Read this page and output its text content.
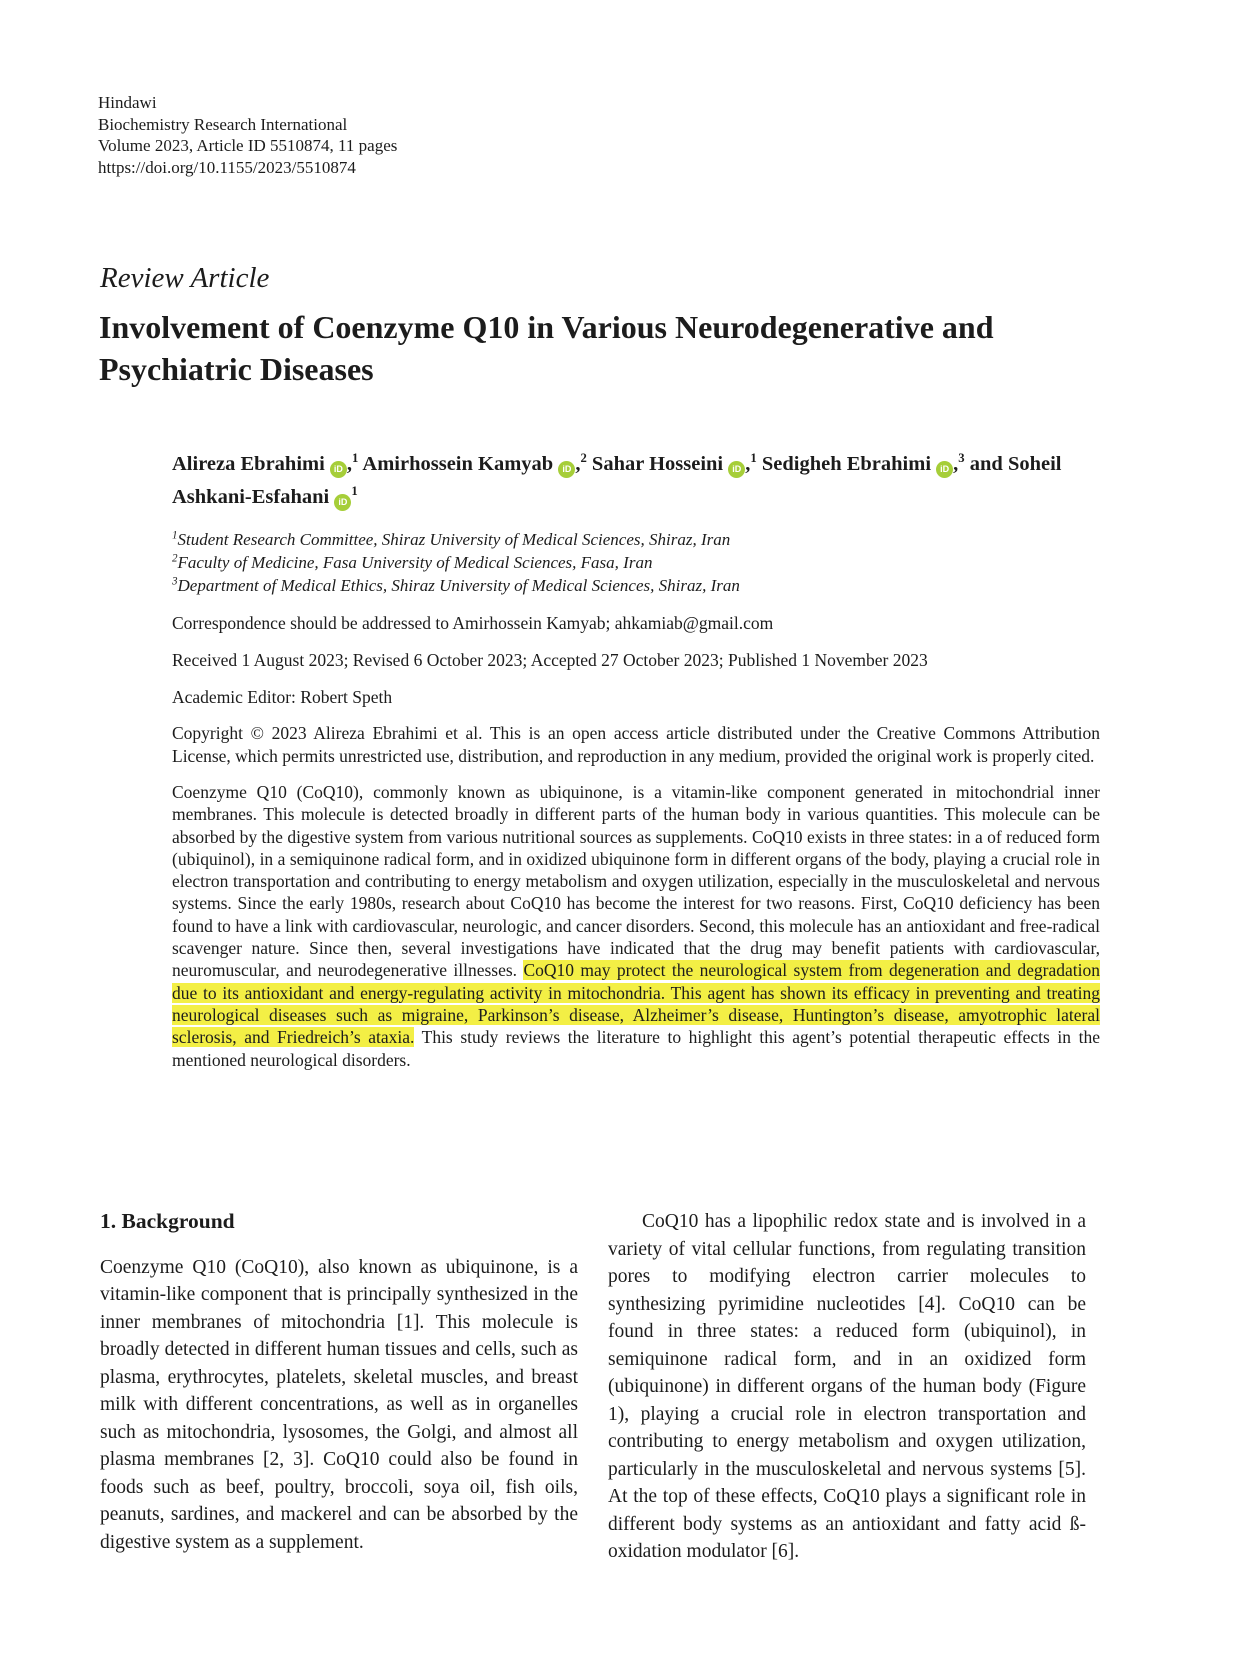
Hindawi
Biochemistry Research International
Volume 2023, Article ID 5510874, 11 pages
https://doi.org/10.1155/2023/5510874
Review Article
Involvement of Coenzyme Q10 in Various Neurodegenerative and Psychiatric Diseases

Alireza Ebrahimi iD ,$^1$ Amirhossein Kamyab iD ,$^2$ Sahar Hosseini iD ,$^1$ Sedigheh Ebrahimi iD ,$^3$ and Soheil Ashkani-Esfahani $iD^1$

$^1$Student Research Committee, Shiraz University of Medical Sciences, Shiraz, Iran
$^2$Faculty of Medicine, Fasa University of Medical Sciences, Fasa, Iran
$^3$Department of Medical Ethics, Shiraz University of Medical Sciences, Shiraz, Iran

Correspondence should be addressed to Amirhossein Kamyab; ahkamiab@gmail.com

Received 1 August 2023; Revised 6 October 2023; Accepted 27 October 2023; Published 1 November 2023

Academic Editor: Robert Speth

Copyright © 2023 Alireza Ebrahimi et al. This is an open access article distributed under the Creative Commons Attribution License, which permits unrestricted use, distribution, and reproduction in any medium, provided the original work is properly cited.

Coenzyme Q10 (CoQ10), commonly known as ubiquinone, is a vitamin-like component generated in mitochondrial inner membranes. This molecule is detected broadly in different parts of the human body in various quantities. This molecule can be absorbed by the digestive system from various nutritional sources as supplements. CoQ10 exists in three states: in a of reduced form (ubiquinol), in a semiquinone radical form, and in oxidized ubiquinone form in different organs of the body, playing a crucial role in electron transportation and contributing to energy metabolism and oxygen utilization, especially in the musculoskeletal and nervous systems. Since the early 1980s, research about CoQ10 has become the interest for two reasons. First, CoQ10 deficiency has been found to have a link with cardiovascular, neurologic, and cancer disorders. Second, this molecule has an antioxidant and free-radical scavenger nature. Since then, several investigations have indicated that the drug may benefit patients with cardiovascular, neuromuscular, and neurodegenerative illnesses. CoQ10 may protect the neurological system from degeneration and degradation due to its antioxidant and energy-regulating activity in mitochondria. This agent has shown its efficacy in preventing and treating neurological diseases such as migraine, Parkinson’s disease, Alzheimer’s disease, Huntington’s disease, amyotrophic lateral sclerosis, and Friedreich’s ataxia. This study reviews the literature to highlight this agent’s potential therapeutic effects in the mentioned neurological disorders.

1. Background

Coenzyme Q10 (CoQ10), also known as ubiquinone, is a vitamin-like component that is principally synthesized in the inner membranes of mitochondria [1]. This molecule is broadly detected in different human tissues and cells, such as plasma, erythrocytes, platelets, skeletal muscles, and breast milk with different concentrations, as well as in organelles such as mitochondria, lysosomes, the Golgi, and almost all plasma membranes [2, 3]. CoQ10 could also be found in foods such as beef, poultry, broccoli, soya oil, fish oils, peanuts, sardines, and mackerel and can be absorbed by the digestive system as a supplement.

CoQ10 has a lipophilic redox state and is involved in a variety of vital cellular functions, from regulating transition pores to modifying electron carrier molecules to synthesizing pyrimidine nucleotides [4]. CoQ10 can be found in three states: a reduced form (ubiquinol), in semiquinone radical form, and in an oxidized form (ubiquinone) in different organs of the human body (Figure 1), playing a crucial role in electron transportation and contributing to energy metabolism and oxygen utilization, particularly in the musculoskeletal and nervous systems [5]. At the top of these effects, CoQ10 plays a significant role in different body systems as an antioxidant and fatty acid ß-oxidation modulator [6].
